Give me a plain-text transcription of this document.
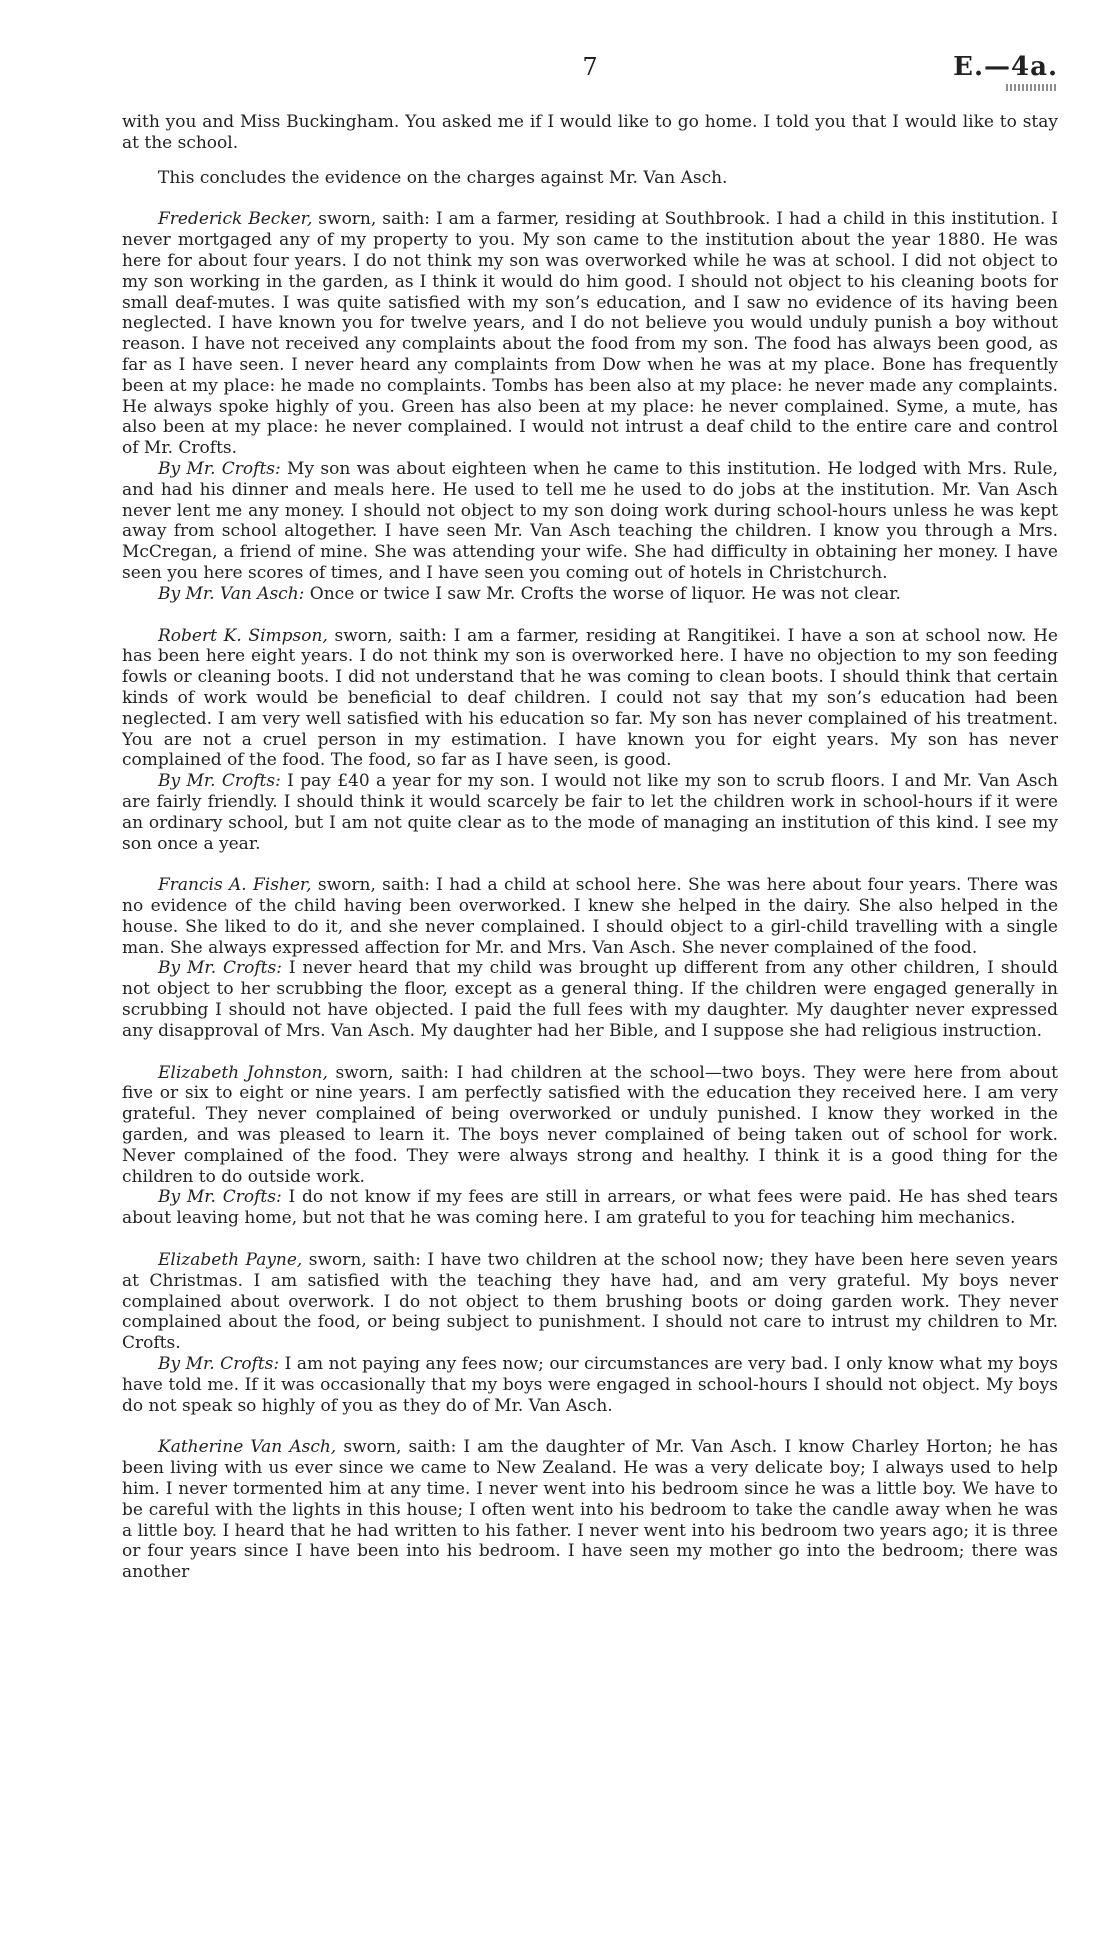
7	E.—4a.

with you and Miss Buckingham. You asked me if I would like to go home. I told you that I would like to stay at the school.

This concludes the evidence on the charges against Mr. Van Asch.

Frederick Becker, sworn, saith: I am a farmer, residing at Southbrook. I had a child in this institution. I never mortgaged any of my property to you. My son came to the institution about the year 1880. He was here for about four years. I do not think my son was overworked while he was at school. I did not object to my son working in the garden, as I think it would do him good. I should not object to his cleaning boots for small deaf-mutes. I was quite satisfied with my son’s education, and I saw no evidence of its having been neglected. I have known you for twelve years, and I do not believe you would unduly punish a boy without reason. I have not received any complaints about the food from my son. The food has always been good, as far as I have seen. I never heard any complaints from Dow when he was at my place. Bone has frequently been at my place: he made no complaints. Tombs has been also at my place: he never made any complaints. He always spoke highly of you. Green has also been at my place: he never complained. Syme, a mute, has also been at my place: he never complained. I would not intrust a deaf child to the entire care and control of Mr. Crofts.

By Mr. Crofts: My son was about eighteen when he came to this institution. He lodged with Mrs. Rule, and had his dinner and meals here. He used to tell me he used to do jobs at the institution. Mr. Van Asch never lent me any money. I should not object to my son doing work during school-hours unless he was kept away from school altogether. I have seen Mr. Van Asch teaching the children. I know you through a Mrs. McCregan, a friend of mine. She was attending your wife. She had difficulty in obtaining her money. I have seen you here scores of times, and I have seen you coming out of hotels in Christchurch.

By Mr. Van Asch: Once or twice I saw Mr. Crofts the worse of liquor. He was not clear.

Robert K. Simpson, sworn, saith: I am a farmer, residing at Rangitikei. I have a son at school now. He has been here eight years. I do not think my son is overworked here. I have no objection to my son feeding fowls or cleaning boots. I did not understand that he was coming to clean boots. I should think that certain kinds of work would be beneficial to deaf children. I could not say that my son’s education had been neglected. I am very well satisfied with his education so far. My son has never complained of his treatment. You are not a cruel person in my estimation. I have known you for eight years. My son has never complained of the food. The food, so far as I have seen, is good.

By Mr. Crofts: I pay £40 a year for my son. I would not like my son to scrub floors. I and Mr. Van Asch are fairly friendly. I should think it would scarcely be fair to let the children work in school-hours if it were an ordinary school, but I am not quite clear as to the mode of managing an institution of this kind. I see my son once a year.

Francis A. Fisher, sworn, saith: I had a child at school here. She was here about four years. There was no evidence of the child having been overworked. I knew she helped in the dairy. She also helped in the house. She liked to do it, and she never complained. I should object to a girl-child travelling with a single man. She always expressed affection for Mr. and Mrs. Van Asch. She never complained of the food.

By Mr. Crofts: I never heard that my child was brought up different from any other children, I should not object to her scrubbing the floor, except as a general thing. If the children were engaged generally in scrubbing I should not have objected. I paid the full fees with my daughter. My daughter never expressed any disapproval of Mrs. Van Asch. My daughter had her Bible, and I suppose she had religious instruction.

Elizabeth Johnston, sworn, saith: I had children at the school—two boys. They were here from about five or six to eight or nine years. I am perfectly satisfied with the education they received here. I am very grateful. They never complained of being overworked or unduly punished. I know they worked in the garden, and was pleased to learn it. The boys never complained of being taken out of school for work. Never complained of the food. They were always strong and healthy. I think it is a good thing for the children to do outside work.

By Mr. Crofts: I do not know if my fees are still in arrears, or what fees were paid. He has shed tears about leaving home, but not that he was coming here. I am grateful to you for teaching him mechanics.

Elizabeth Payne, sworn, saith: I have two children at the school now; they have been here seven years at Christmas. I am satisfied with the teaching they have had, and am very grateful. My boys never complained about overwork. I do not object to them brushing boots or doing garden work. They never complained about the food, or being subject to punishment. I should not care to intrust my children to Mr. Crofts.

By Mr. Crofts: I am not paying any fees now; our circumstances are very bad. I only know what my boys have told me. If it was occasionally that my boys were engaged in school-hours I should not object. My boys do not speak so highly of you as they do of Mr. Van Asch.

Katherine Van Asch, sworn, saith: I am the daughter of Mr. Van Asch. I know Charley Horton; he has been living with us ever since we came to New Zealand. He was a very delicate boy; I always used to help him. I never tormented him at any time. I never went into his bedroom since he was a little boy. We have to be careful with the lights in this house; I often went into his bedroom to take the candle away when he was a little boy. I heard that he had written to his father. I never went into his bedroom two years ago; it is three or four years since I have been into his bedroom. I have seen my mother go into the bedroom; there was another
